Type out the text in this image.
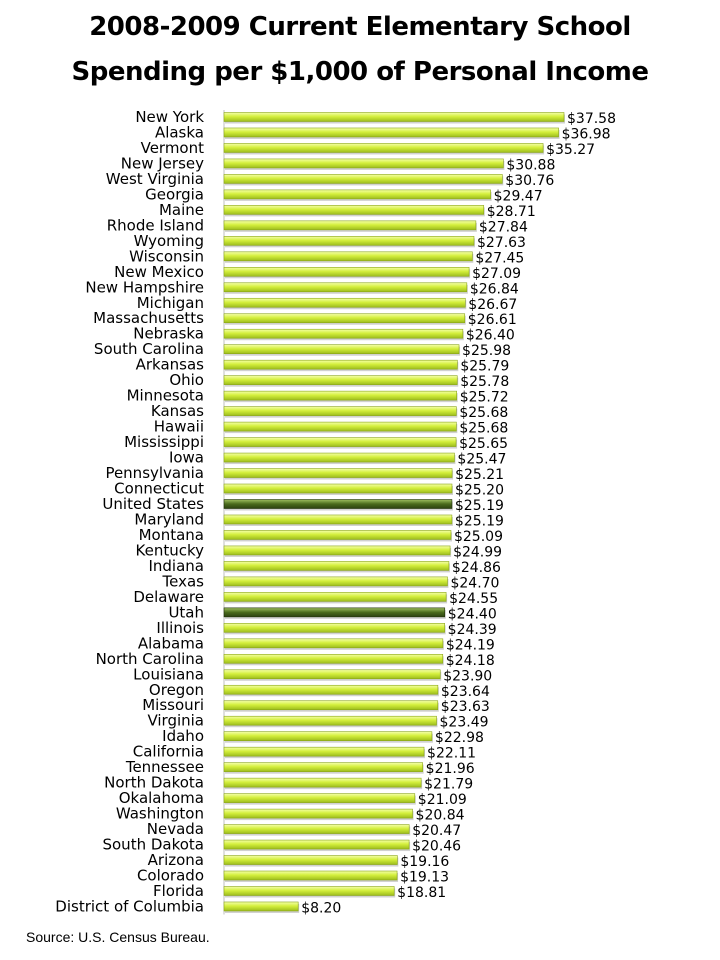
2008-2009 Current Elementary School
Spending per $1,000 of Personal Income
New York	$37.58
Alaska	$36.98
Vermont	$35.27
New Jersey	$30.88
West Virginia	$30.76
Georgia	$29.47
Maine	$28.71
Rhode Island	$27.84
Wyoming	$27.63
Wisconsin	$27.45
New Mexico	$27.09
New Hampshire	$26.84
Michigan	$26.67
Massachusetts	$26.61
Nebraska	$26.40
South Carolina	$25.98
Arkansas	$25.79
Ohio	$25.78
Minnesota	$25.72
Kansas	$25.68
Hawaii	$25.68
Mississippi	$25.65
Iowa	$25.47
Pennsylvania	$25.21
Connecticut	$25.20
United States	$25.19
Maryland	$25.19
Montana	$25.09
Kentucky	$24.99
Indiana	$24.86
Texas	$24.70
Delaware	$24.55
Utah	$24.40
Illinois	$24.39
Alabama	$24.19
North Carolina	$24.18
Louisiana	$23.90
Oregon	$23.64
Missouri	$23.63
Virginia	$23.49
Idaho	$22.98
California	$22.11
Tennessee	$21.96
North Dakota	$21.79
Okalahoma	$21.09
Washington	$20.84
Nevada	$20.47
South Dakota	$20.46
Arizona	$19.16
Colorado	$19.13
Florida	$18.81
District of Columbia	$8.20
Source: U.S. Census Bureau.
